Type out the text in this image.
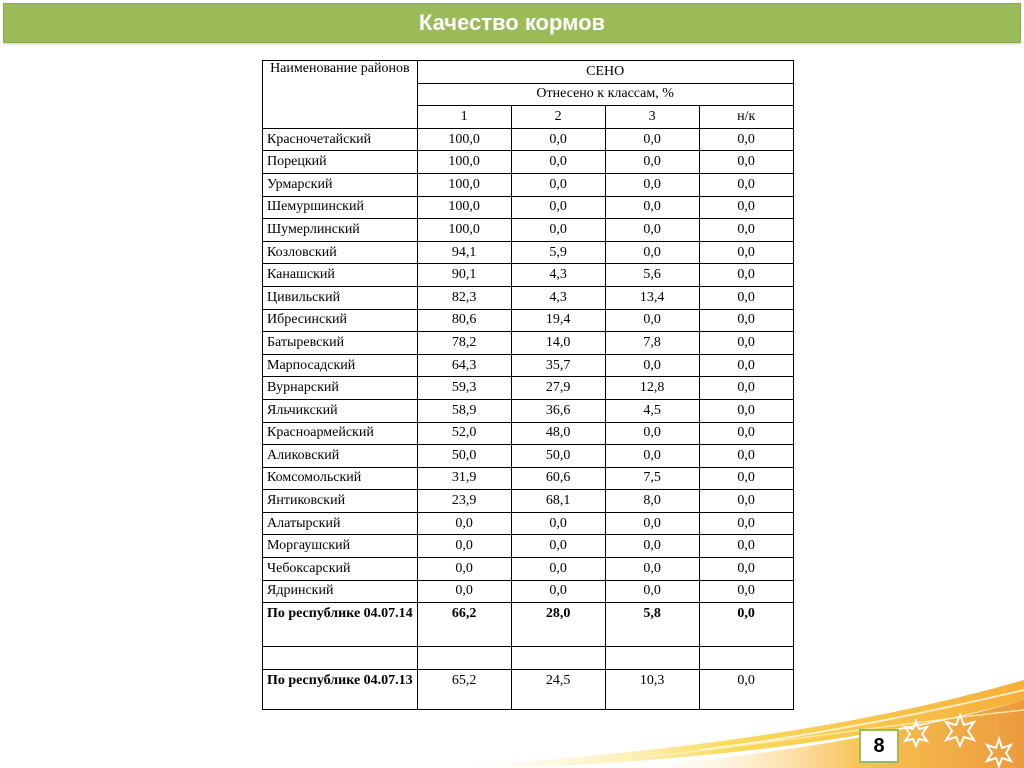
Качество кормов
Наименование районов	СЕНО			
	Отнесено к классам, %			
	1	2	3	н/к
Красночетайский	100,0	0,0	0,0	0,0
Порецкий	100,0	0,0	0,0	0,0
Урмарский	100,0	0,0	0,0	0,0
Шемуршинский	100,0	0,0	0,0	0,0
Шумерлинский	100,0	0,0	0,0	0,0
Козловский	94,1	5,9	0,0	0,0
Канашский	90,1	4,3	5,6	0,0
Цивильский	82,3	4,3	13,4	0,0
Ибресинский	80,6	19,4	0,0	0,0
Батыревский	78,2	14,0	7,8	0,0
Марпосадский	64,3	35,7	0,0	0,0
Вурнарский	59,3	27,9	12,8	0,0
Яльчикский	58,9	36,6	4,5	0,0
Красноармейский	52,0	48,0	0,0	0,0
Аликовский	50,0	50,0	0,0	0,0
Комсомольский	31,9	60,6	7,5	0,0
Янтиковский	23,9	68,1	8,0	0,0
Алатырский	0,0	0,0	0,0	0,0
Моргаушский	0,0	0,0	0,0	0,0
Чебоксарский	0,0	0,0	0,0	0,0
Ядринский	0,0	0,0	0,0	0,0
По республике 04.07.14	66,2	28,0	5,8	0,0

По республике 04.07.13	65,2	24,5	10,3	0,0
8
